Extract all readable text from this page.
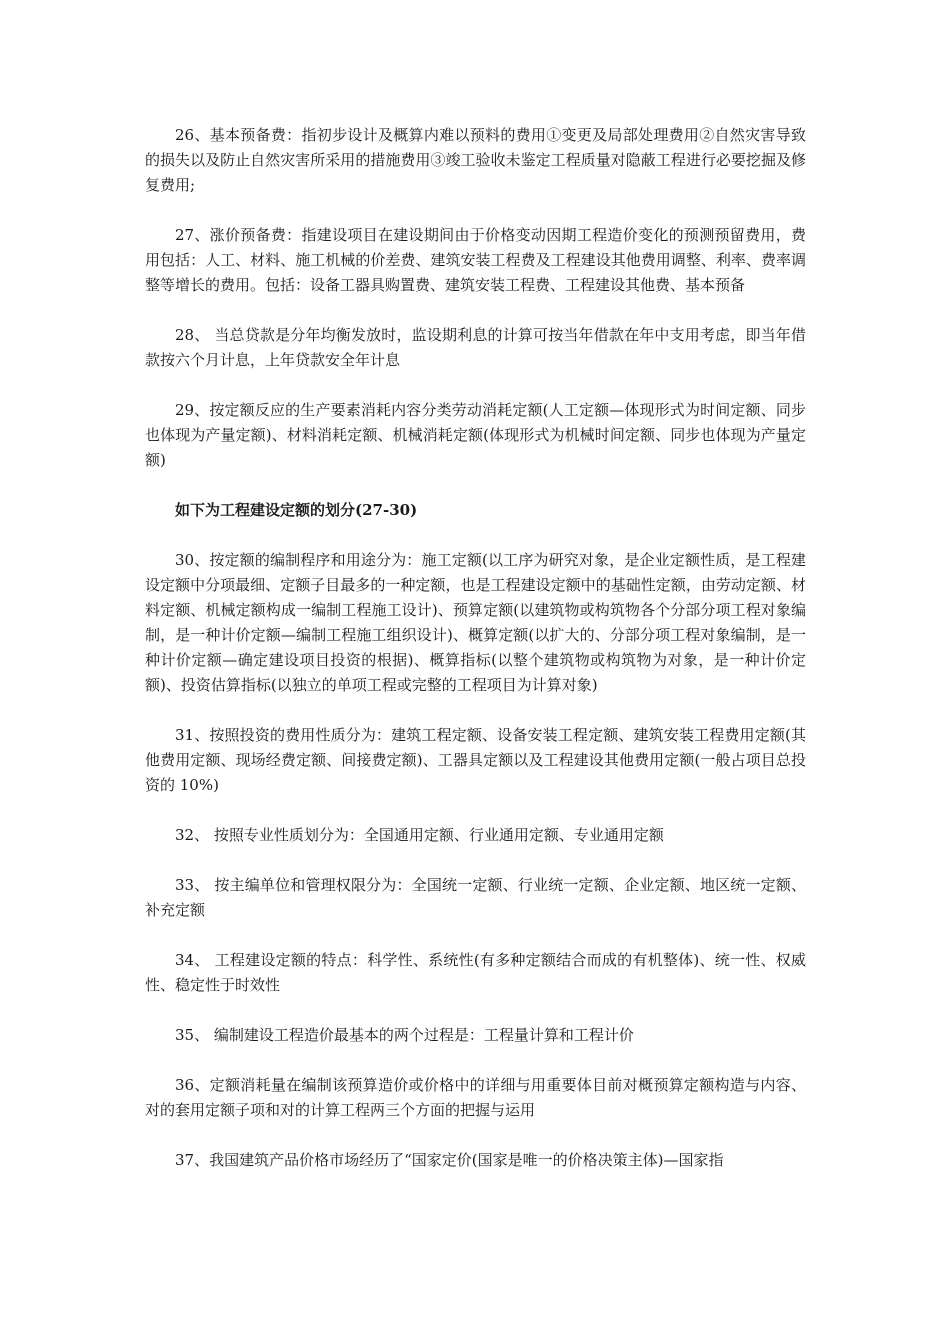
26、基本预备费：指初步设计及概算内难以预料的费用①变更及局部处理费用②自然灾害导致的损失以及防止自然灾害所采用的措施费用③竣工验收未鉴定工程质量对隐蔽工程进行必要挖掘及修复费用;

27、涨价预备费：指建设项目在建设期间由于价格变动因期工程造价变化的预测预留费用，费用包括：人工、材料、施工机械的价差费、建筑安装工程费及工程建设其他费用调整、利率、费率调整等增长的费用。包括：设备工器具购置费、建筑安装工程费、工程建设其他费、基本预备

28、 当总贷款是分年均衡发放时，监设期利息的计算可按当年借款在年中支用考虑，即当年借款按六个月计息，上年贷款安全年计息

29、按定额反应的生产要素消耗内容分类劳动消耗定额(人工定额—体现形式为时间定额、同步也体现为产量定额)、材料消耗定额、机械消耗定额(体现形式为机械时间定额、同步也体现为产量定额)

如下为工程建设定额的划分(27-30)

30、按定额的编制程序和用途分为：施工定额(以工序为研究对象，是企业定额性质，是工程建设定额中分项最细、定额子目最多的一种定额，也是工程建设定额中的基础性定额，由劳动定额、材料定额、机械定额构成一编制工程施工设计)、预算定额(以建筑物或构筑物各个分部分项工程对象编制，是一种计价定额—编制工程施工组织设计)、概算定额(以扩大的、分部分项工程对象编制，是一种计价定额—确定建设项目投资的根据)、概算指标(以整个建筑物或构筑物为对象，是一种计价定额)、投资估算指标(以独立的单项工程或完整的工程项目为计算对象)

31、按照投资的费用性质分为：建筑工程定额、设备安装工程定额、建筑安装工程费用定额(其他费用定额、现场经费定额、间接费定额)、工器具定额以及工程建设其他费用定额(一般占项目总投资的 10%)

32、 按照专业性质划分为：全国通用定额、行业通用定额、专业通用定额

33、 按主编单位和管理权限分为：全国统一定额、行业统一定额、企业定额、地区统一定额、补充定额

34、 工程建设定额的特点：科学性、系统性(有多种定额结合而成的有机整体)、统一性、权威性、稳定性于时效性

35、 编制建设工程造价最基本的两个过程是：工程量计算和工程计价

36、定额消耗量在编制该预算造价或价格中的详细与用重要体目前对概预算定额构造与内容、对的套用定额子项和对的计算工程两三个方面的把握与运用

37、我国建筑产品价格市场经历了“国家定价(国家是唯一的价格决策主体)—国家指
